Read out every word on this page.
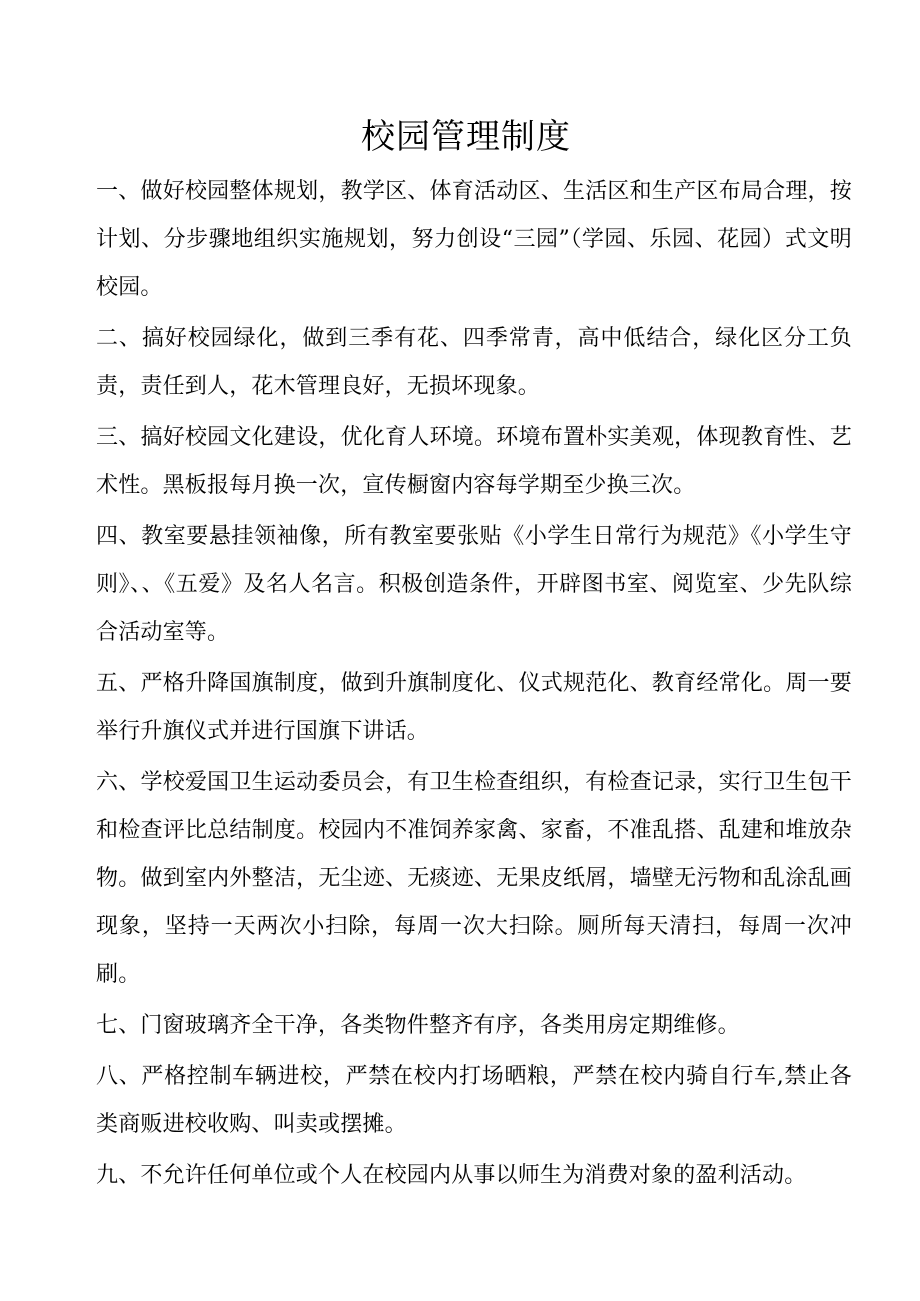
校园管理制度

一、做好校园整体规划，教学区、体育活动区、生活区和生产区布局合理，按计划、分步骤地组织实施规划，努力创设“三园”（学园、乐园、花园）式文明校园。

二、搞好校园绿化，做到三季有花、四季常青，高中低结合，绿化区分工负责，责任到人，花木管理良好，无损坏现象。

三、搞好校园文化建设，优化育人环境。环境布置朴实美观，体现教育性、艺术性。黑板报每月换一次，宣传橱窗内容每学期至少换三次。

四、教室要悬挂领袖像，所有教室要张贴《小学生日常行为规范》《小学生守则》、、《五爱》及名人名言。积极创造条件，开辟图书室、阅览室、少先队综合活动室等。

五、严格升降国旗制度，做到升旗制度化、仪式规范化、教育经常化。周一要举行升旗仪式并进行国旗下讲话。

六、学校爱国卫生运动委员会，有卫生检查组织，有检查记录，实行卫生包干和检查评比总结制度。校园内不准饲养家禽、家畜，不准乱搭、乱建和堆放杂物。做到室内外整洁，无尘迹、无痰迹、无果皮纸屑，墙壁无污物和乱涂乱画现象，坚持一天两次小扫除，每周一次大扫除。厕所每天清扫，每周一次冲刷。

七、门窗玻璃齐全干净，各类物件整齐有序，各类用房定期维修。

八、严格控制车辆进校，严禁在校内打场晒粮，严禁在校内骑自行车,禁止各类商贩进校收购、叫卖或摆摊。

九、不允许任何单位或个人在校园内从事以师生为消费对象的盈利活动。
